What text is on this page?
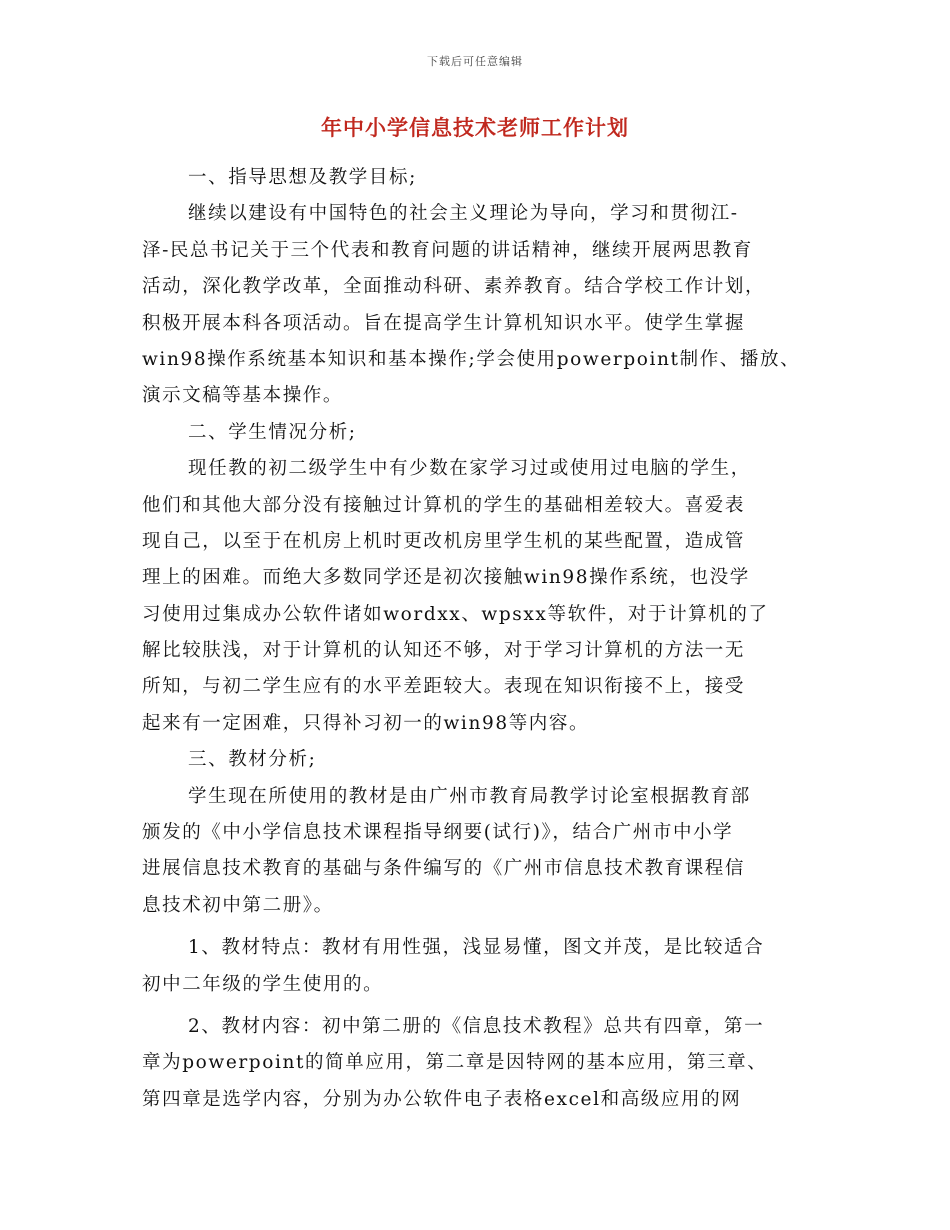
下载后可任意编辑
年中小学信息技术老师工作计划
一、指导思想及教学目标;
继续以建设有中国特色的社会主义理论为导向，学习和贯彻江-
泽-民总书记关于三个代表和教育问题的讲话精神，继续开展两思教育
活动，深化教学改革，全面推动科研、素养教育。结合学校工作计划，
积极开展本科各项活动。旨在提高学生计算机知识水平。使学生掌握
win98操作系统基本知识和基本操作;学会使用powerpoint制作、播放、
演示文稿等基本操作。
二、学生情况分析;
现任教的初二级学生中有少数在家学习过或使用过电脑的学生，
他们和其他大部分没有接触过计算机的学生的基础相差较大。喜爱表
现自己，以至于在机房上机时更改机房里学生机的某些配置，造成管
理上的困难。而绝大多数同学还是初次接触win98操作系统，也没学
习使用过集成办公软件诸如wordxx、wpsxx等软件，对于计算机的了
解比较肤浅，对于计算机的认知还不够，对于学习计算机的方法一无
所知，与初二学生应有的水平差距较大。表现在知识衔接不上，接受
起来有一定困难，只得补习初一的win98等内容。
三、教材分析;
学生现在所使用的教材是由广州市教育局教学讨论室根据教育部
颁发的《中小学信息技术课程指导纲要(试行)》，结合广州市中小学
进展信息技术教育的基础与条件编写的《广州市信息技术教育课程信
息技术初中第二册》。
1、教材特点：教材有用性强，浅显易懂，图文并茂，是比较适合
初中二年级的学生使用的。
2、教材内容：初中第二册的《信息技术教程》总共有四章，第一
章为powerpoint的简单应用，第二章是因特网的基本应用，第三章、
第四章是选学内容，分别为办公软件电子表格excel和高级应用的网
